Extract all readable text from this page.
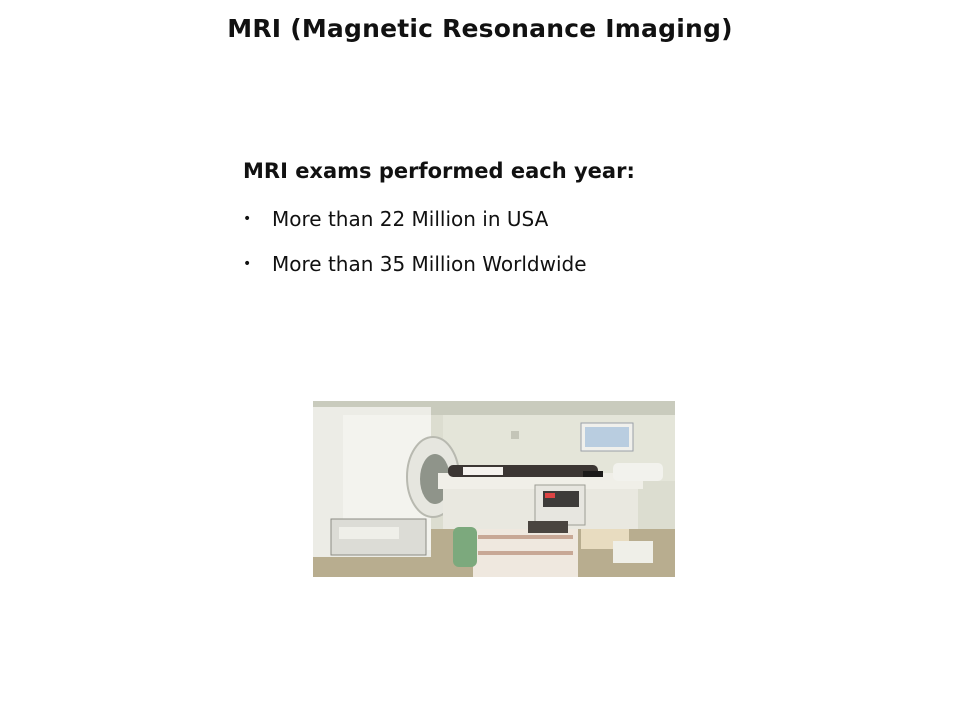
MRI (Magnetic Resonance Imaging)
MRI exams performed each year:
• More than 22 Million in USA
• More than 35 Million Worldwide
